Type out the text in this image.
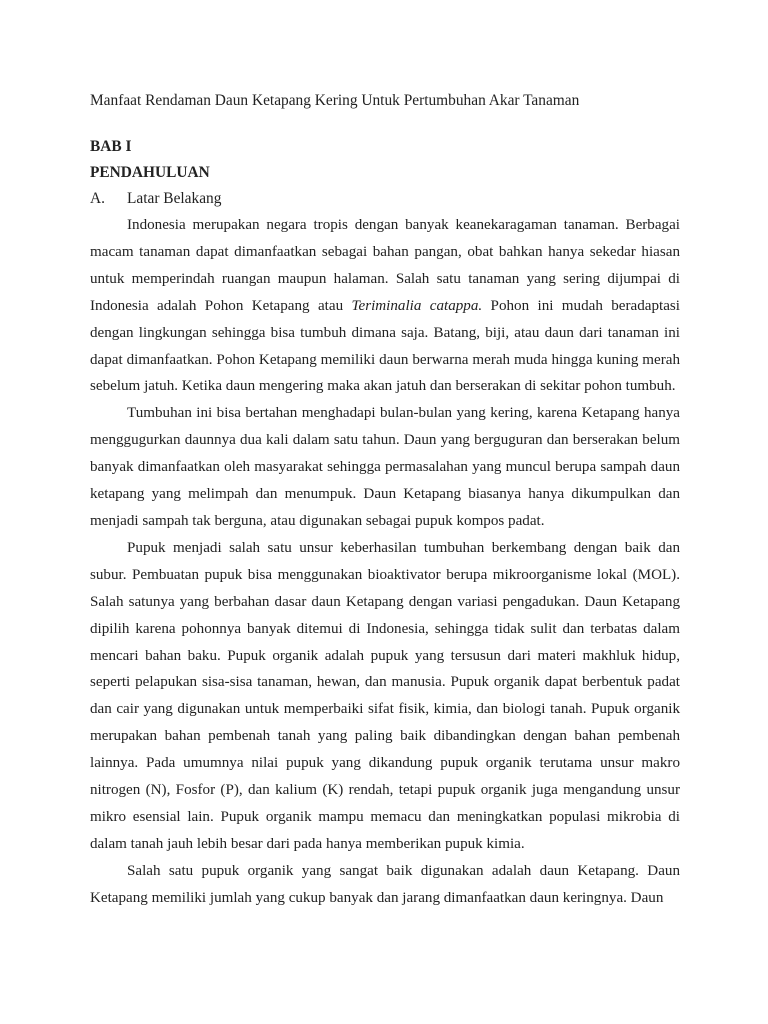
Manfaat Rendaman Daun Ketapang Kering Untuk Pertumbuhan Akar Tanaman

BAB I

PENDAHULUAN

A.	Latar Belakang

Indonesia merupakan negara tropis dengan banyak keanekaragaman tanaman. Berbagai macam tanaman dapat dimanfaatkan sebagai bahan pangan, obat bahkan hanya sekedar hiasan untuk memperindah ruangan maupun halaman. Salah satu tanaman yang sering dijumpai di Indonesia adalah Pohon Ketapang atau Teriminalia catappa. Pohon ini mudah beradaptasi dengan lingkungan sehingga bisa tumbuh dimana saja. Batang, biji, atau daun dari tanaman ini dapat dimanfaatkan. Pohon Ketapang memiliki daun berwarna merah muda hingga kuning merah sebelum jatuh. Ketika daun mengering maka akan jatuh dan berserakan di sekitar pohon tumbuh.

Tumbuhan ini bisa bertahan menghadapi bulan-bulan yang kering, karena Ketapang hanya menggugurkan daunnya dua kali dalam satu tahun. Daun yang berguguran dan berserakan belum banyak dimanfaatkan oleh masyarakat sehingga permasalahan yang muncul berupa sampah daun ketapang yang melimpah dan menumpuk. Daun Ketapang biasanya hanya dikumpulkan dan menjadi sampah tak berguna, atau digunakan sebagai pupuk kompos padat.

Pupuk menjadi salah satu unsur keberhasilan tumbuhan berkembang dengan baik dan subur. Pembuatan pupuk bisa menggunakan bioaktivator berupa mikroorganisme lokal (MOL). Salah satunya yang berbahan dasar daun Ketapang dengan variasi pengadukan. Daun Ketapang dipilih karena pohonnya banyak ditemui di Indonesia, sehingga tidak sulit dan terbatas dalam mencari bahan baku. Pupuk organik adalah pupuk yang tersusun dari materi makhluk hidup, seperti pelapukan sisa-sisa tanaman, hewan, dan manusia. Pupuk organik dapat berbentuk padat dan cair yang digunakan untuk memperbaiki sifat fisik, kimia, dan biologi tanah. Pupuk organik merupakan bahan pembenah tanah yang paling baik dibandingkan dengan bahan pembenah lainnya. Pada umumnya nilai pupuk yang dikandung pupuk organik terutama unsur makro nitrogen (N), Fosfor (P), dan kalium (K) rendah, tetapi pupuk organik juga mengandung unsur mikro esensial lain. Pupuk organik mampu memacu dan meningkatkan populasi mikrobia di dalam tanah jauh lebih besar dari pada hanya memberikan pupuk kimia.

Salah satu pupuk organik yang sangat baik digunakan adalah daun Ketapang. Daun Ketapang memiliki jumlah yang cukup banyak dan jarang dimanfaatkan daun keringnya. Daun
